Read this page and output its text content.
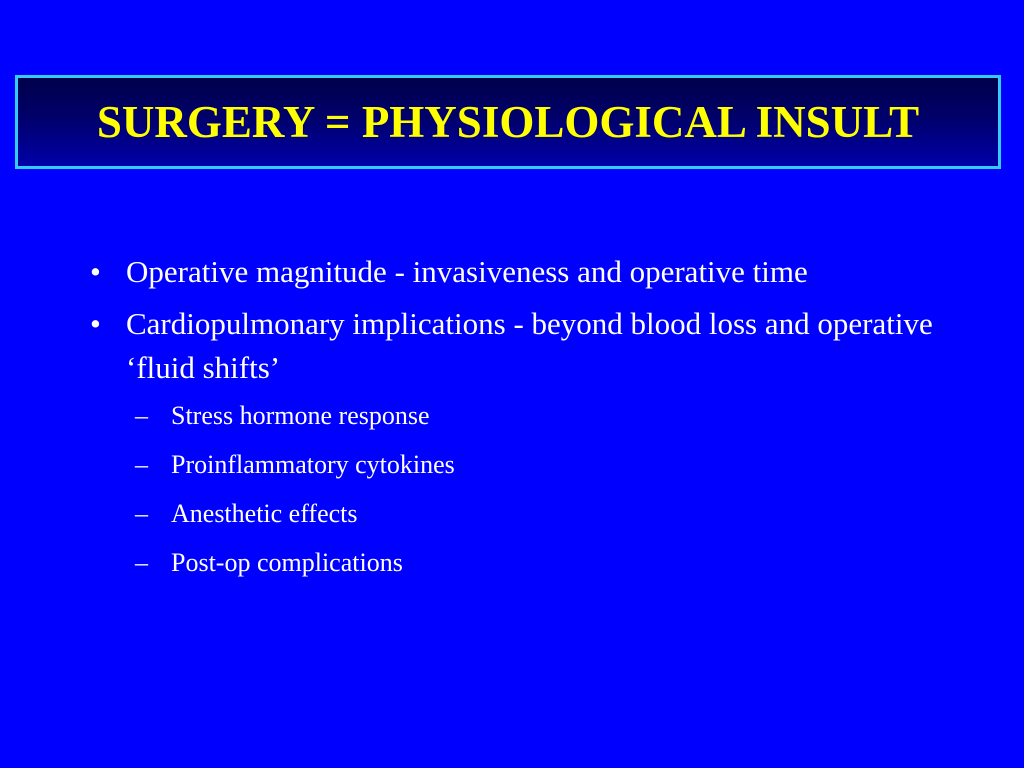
SURGERY = PHYSIOLOGICAL INSULT
• Operative magnitude - invasiveness and operative time
• Cardiopulmonary implications - beyond blood loss and operative ‘fluid shifts’
– Stress hormone response
– Proinflammatory cytokines
– Anesthetic effects
– Post-op complications
